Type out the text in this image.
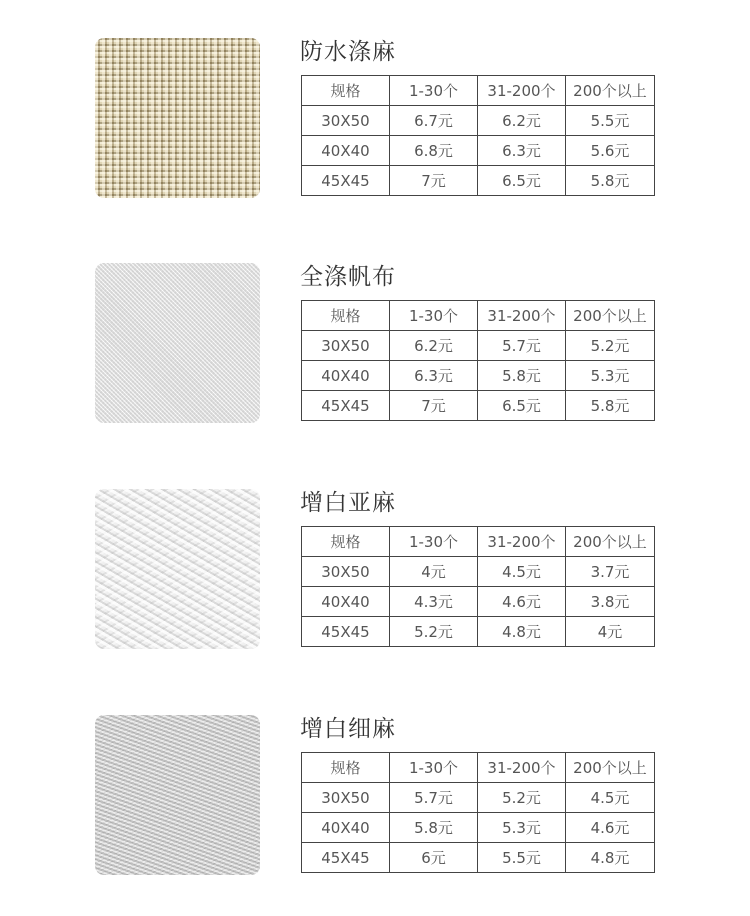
防水涤麻
规格	1-30个	31-200个	200个以上
30X50	6.7元	6.2元	5.5元
40X40	6.8元	6.3元	5.6元
45X45	7元	6.5元	5.8元
全涤帆布
规格	1-30个	31-200个	200个以上
30X50	6.2元	5.7元	5.2元
40X40	6.3元	5.8元	5.3元
45X45	7元	6.5元	5.8元
增白亚麻
规格	1-30个	31-200个	200个以上
30X50	4元	4.5元	3.7元
40X40	4.3元	4.6元	3.8元
45X45	5.2元	4.8元	4元
增白细麻
规格	1-30个	31-200个	200个以上
30X50	5.7元	5.2元	4.5元
40X40	5.8元	5.3元	4.6元
45X45	6元	5.5元	4.8元
